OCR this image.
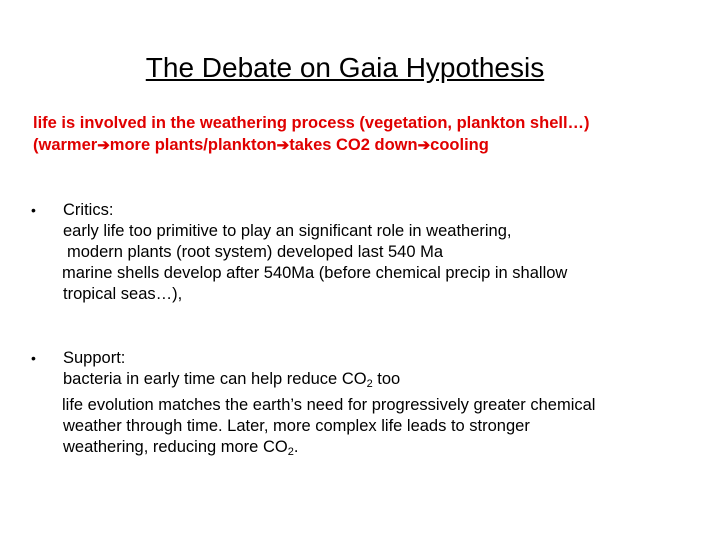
The Debate on Gaia Hypothesis
life is involved in the weathering process (vegetation, plankton shell…)
(warmer➔more plants/plankton➔takes CO2 down➔cooling
• Critics:
early life too primitive to play an significant role in weathering,
modern plants (root system) developed last 540 Ma
marine shells develop after 540Ma (before chemical precip in shallow
tropical seas…),
• Support:
bacteria in early time can help reduce $CO_2$ too
life evolution matches the earth’s need for progressively greater chemical
weather through time. Later, more complex life leads to stronger
weathering, reducing more $CO_2$.
